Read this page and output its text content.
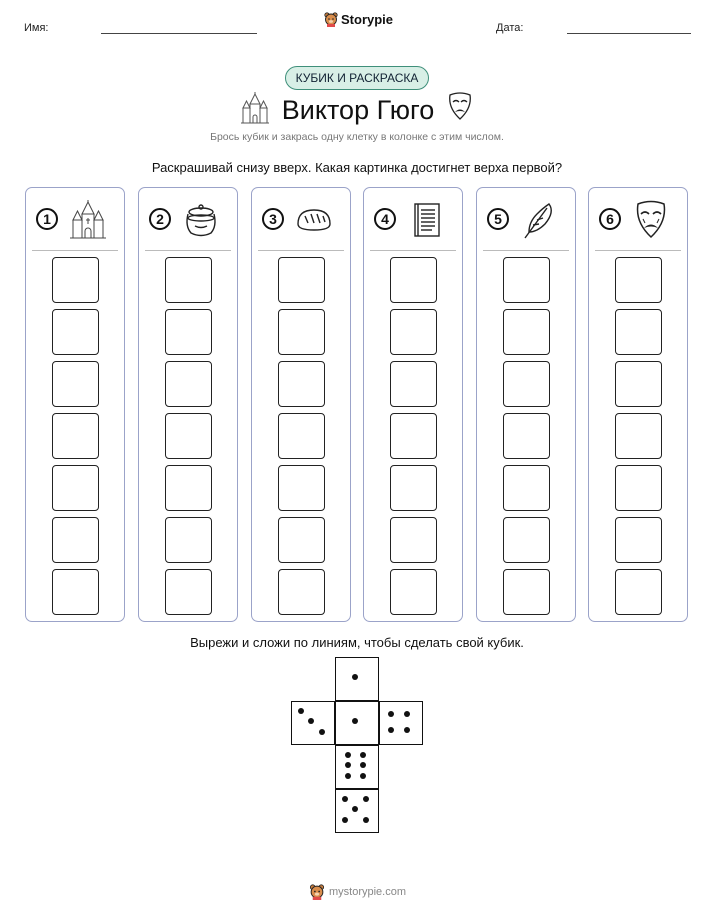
Имя:
Storypie
Дата:
КУБИК И РАСКРАСКА
Виктор Гюго
Брось кубик и закрась одну клетку в колонке с этим числом.
Раскрашивай снизу вверх. Какая картинка достигнет верха первой?
1	2	3	4	5	6
Вырежи и сложи по линиям, чтобы сделать свой кубик.
mystorypie.com
